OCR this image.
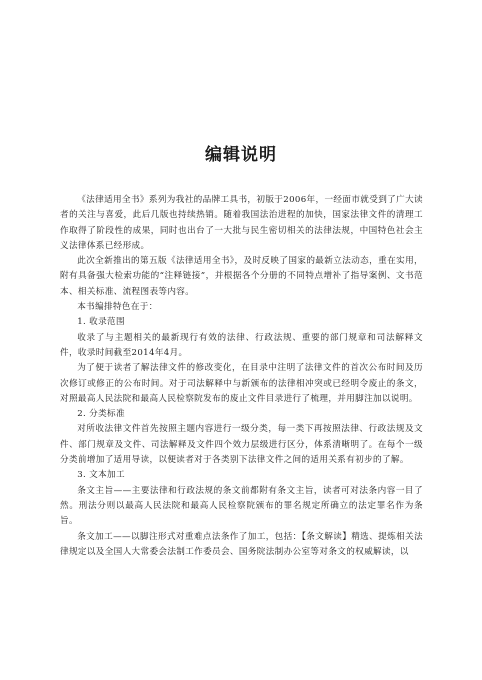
编辑说明

《法律适用全书》系列为我社的品牌工具书，初版于2006年，一经面市就受到了广大读者的关注与喜爱，此后几版也持续热销。随着我国法治进程的加快，国家法律文件的清理工作取得了阶段性的成果，同时也出台了一大批与民生密切相关的法律法规，中国特色社会主义法律体系已经形成。

此次全新推出的第五版《法律适用全书》，及时反映了国家的最新立法动态，重在实用，附有具备强大检索功能的“注释链接”，并根据各个分册的不同特点增补了指导案例、文书范本、相关标准、流程图表等内容。

本书编排特色在于：

1. 收录范围

收录了与主题相关的最新现行有效的法律、行政法规、重要的部门规章和司法解释文件，收录时间截至2014年4月。

为了便于读者了解法律文件的修改变化，在目录中注明了法律文件的首次公布时间及历次修订或修正的公布时间。对于司法解释中与新颁布的法律相冲突或已经明令废止的条文，对照最高人民法院和最高人民检察院发布的废止文件目录进行了梳理，并用脚注加以说明。

2. 分类标准

对所收法律文件首先按照主题内容进行一级分类，每一类下再按照法律、行政法规及文件、部门规章及文件、司法解释及文件四个效力层级进行区分，体系清晰明了。在每个一级分类前增加了适用导读，以便读者对于各类别下法律文件之间的适用关系有初步的了解。

3. 文本加工

条文主旨——主要法律和行政法规的条文前都附有条文主旨，读者可对法条内容一目了然。刑法分则以最高人民法院和最高人民检察院颁布的罪名规定所确立的法定罪名作为条旨。

条文加工——以脚注形式对重难点法条作了加工，包括：【条文解读】精选、提炼相关法律规定以及全国人大常委会法制工作委员会、国务院法制办公室等对条文的权威解读，以
